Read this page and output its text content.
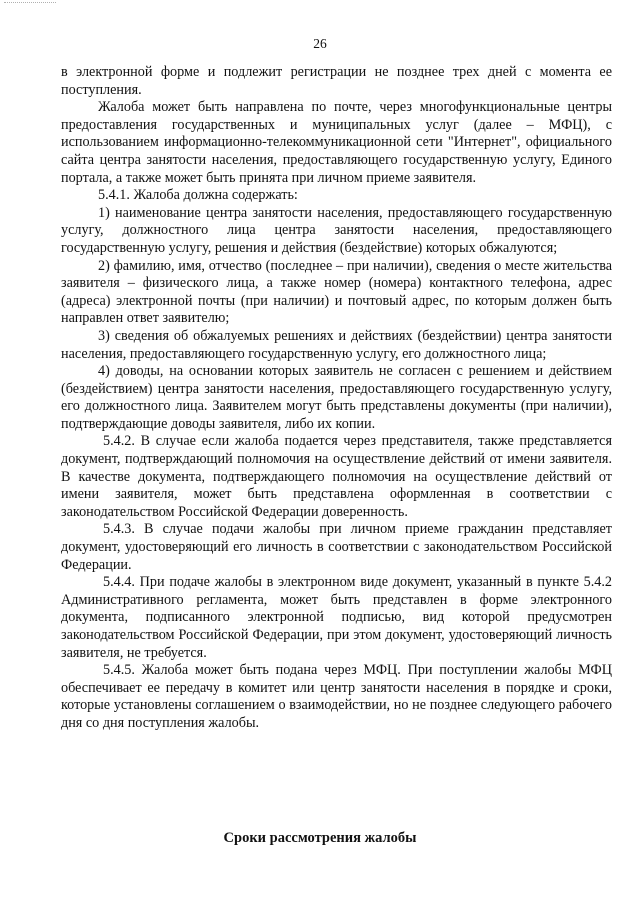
26

в электронной форме и подлежит регистрации не позднее трех дней с момента ее поступления.

Жалоба может быть направлена по почте, через многофункциональные центры предоставления государственных и муниципальных услуг (далее – МФЦ), с использованием информационно-телекоммуникационной сети "Интернет", официального сайта центра занятости населения, предоставляющего государственную услугу, Единого портала, а также может быть принята при личном приеме заявителя.

5.4.1. Жалоба должна содержать:

1) наименование центра занятости населения, предоставляющего государственную услугу, должностного лица центра занятости населения, предоставляющего государственную услугу, решения и действия (бездействие) которых обжалуются;

2) фамилию, имя, отчество (последнее – при наличии), сведения о месте жительства заявителя – физического лица, а также номер (номера) контактного телефона, адрес (адреса) электронной почты (при наличии) и почтовый адрес, по которым должен быть направлен ответ заявителю;

3) сведения об обжалуемых решениях и действиях (бездействии) центра занятости населения, предоставляющего государственную услугу, его должностного лица;

4) доводы, на основании которых заявитель не согласен с решением и действием (бездействием) центра занятости населения, предоставляющего государственную услугу, его должностного лица. Заявителем могут быть представлены документы (при наличии), подтверждающие доводы заявителя, либо их копии.

5.4.2. В случае если жалоба подается через представителя, также представляется документ, подтверждающий полномочия на осуществление действий от имени заявителя. В качестве документа, подтверждающего полномочия на осуществление действий от имени заявителя, может быть представлена оформленная в соответствии с законодательством Российской Федерации доверенность.

5.4.3. В случае подачи жалобы при личном приеме гражданин представляет документ, удостоверяющий его личность в соответствии с законодательством Российской Федерации.

5.4.4. При подаче жалобы в электронном виде документ, указанный в пункте 5.4.2 Административного регламента, может быть представлен в форме электронного документа, подписанного электронной подписью, вид которой предусмотрен законодательством Российской Федерации, при этом документ, удостоверяющий личность заявителя, не требуется.

5.4.5. Жалоба может быть подана через МФЦ. При поступлении жалобы МФЦ обеспечивает ее передачу в комитет или центр занятости населения в порядке и сроки, которые установлены соглашением о взаимодействии, но не позднее следующего рабочего дня со дня поступления жалобы.

Сроки рассмотрения жалобы
